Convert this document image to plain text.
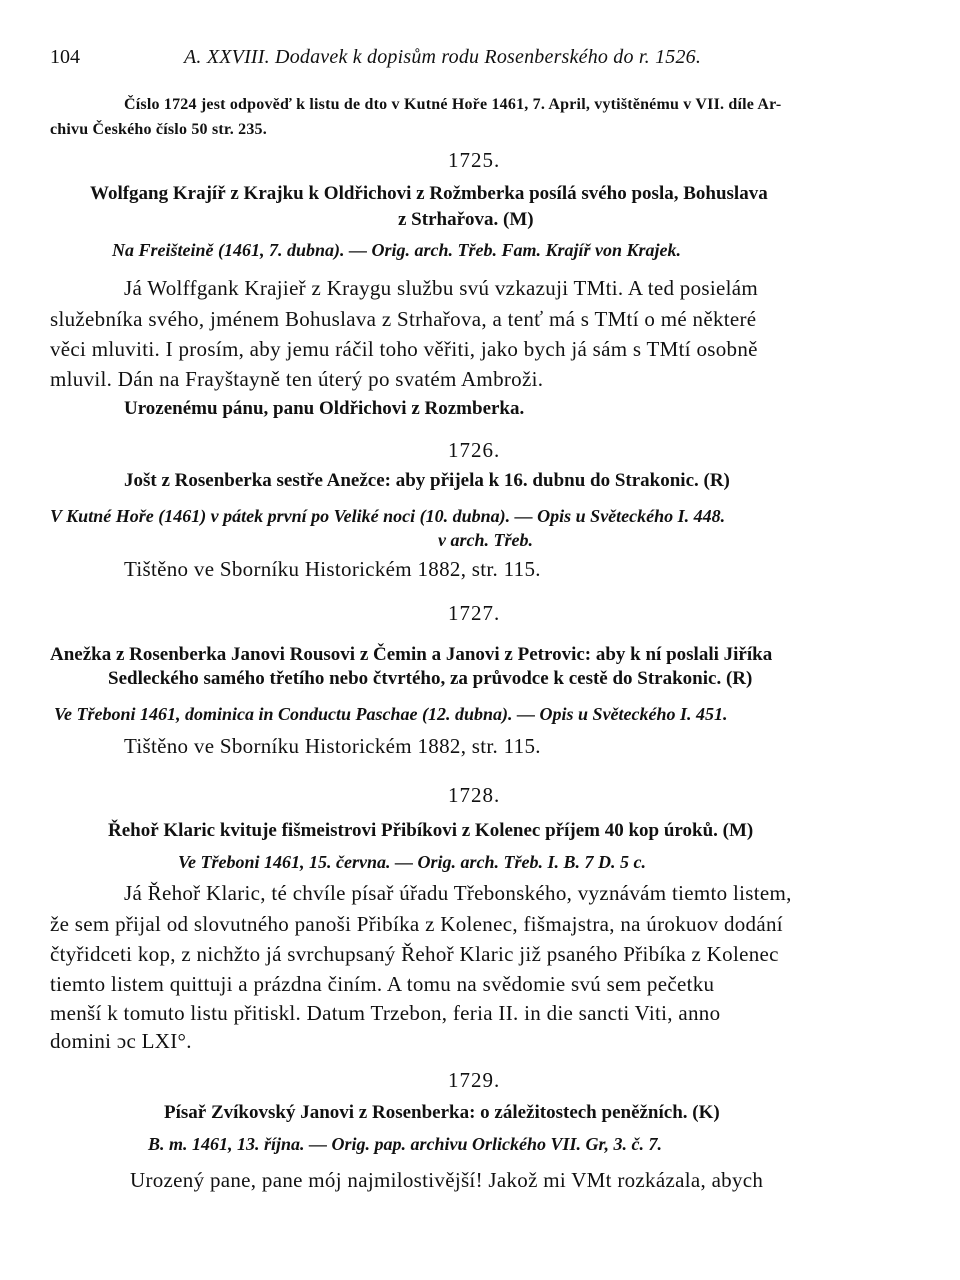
104	A. XXVIII. Dodavek k dopisům rodu Rosenberského do r. 1526.
Číslo 1724 jest odpověď k listu de dto v Kutné Hoře 1461, 7. April, vytištěnému v VII. díle Ar-
chivu Českého číslo 50 str. 235.
1725.
Wolfgang Krajíř z Krajku k Oldřichovi z Rožmberka posílá svého posla, Bohuslava
z Strhařova. (M)
Na Freišteině (1461, 7. dubna). — Orig. arch. Třeb. Fam. Krajíř von Krajek.
Já Wolffgank Krajieř z Kraygu službu svú vzkazuji TMti. A ted posielám
služebníka svého, jménem Bohuslava z Strhařova, a tenť má s TMtí o mé některé
věci mluviti. I prosím, aby jemu ráčil toho věřiti, jako bych já sám s TMtí osobně
mluvil. Dán na Frayštayně ten úterý po svatém Ambroži.
Urozenému pánu, panu Oldřichovi z Rozmberka.
1726.
Jošt z Rosenberka sestře Anežce: aby přijela k 16. dubnu do Strakonic. (R)
V Kutné Hoře (1461) v pátek první po Veliké noci (10. dubna). — Opis u Světeckého I. 448.
v arch. Třeb.
Tištěno ve Sborníku Historickém 1882, str. 115.
1727.
Anežka z Rosenberka Janovi Rousovi z Čemin a Janovi z Petrovic: aby k ní poslali Jiříka
Sedleckého samého třetího nebo čtvrtého, za průvodce k cestě do Strakonic. (R)
Ve Třeboni 1461, dominica in Conductu Paschae (12. dubna). — Opis u Světeckého I. 451.
Tištěno ve Sborníku Historickém 1882, str. 115.
1728.
Řehoř Klaric kvituje fišmeistrovi Přibíkovi z Kolenec příjem 40 kop úroků. (M)
Ve Třeboni 1461, 15. června. — Orig. arch. Třeb. I. B. 7 D. 5 c.
Já Řehoř Klaric, té chvíle písař úřadu Třebonského, vyznávám tiemto listem,
že sem přijal od slovutného panoši Přibíka z Kolenec, fišmajstra, na úrokuov dodání
čtyřidceti kop, z nichžto já svrchupsaný Řehoř Klaric již psaného Přibíka z Kolenec
tiemto listem quittuji a prázdna činím. A tomu na svědomie svú sem pečetku
menší k tomuto listu přitiskl. Datum Trzebon, feria II. in die sancti Viti, anno
domini ɔc LXI°.
1729.
Písař Zvíkovský Janovi z Rosenberka: o záležitostech peněžních. (K)
B. m. 1461, 13. října. — Orig. pap. archivu Orlického VII. Gr, 3. č. 7.
Urozený pane, pane mój najmilostivější! Jakož mi VMt rozkázala, abych
